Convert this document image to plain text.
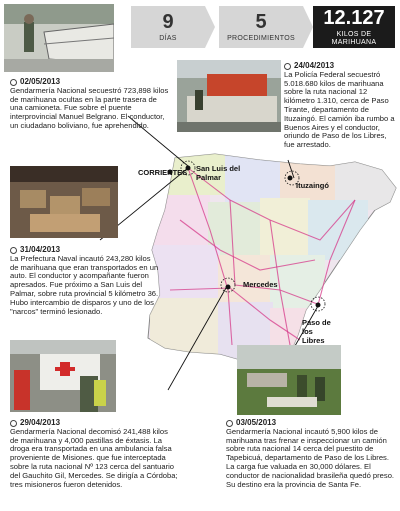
9
DÍAS
5
PROCEDIMIENTOS
12.127
KILOS DE MARIHUANA
CORRIENTES San Luis del Palmar
Ituzaingó
Mercedes
Paso de los Libres
02/05/2013
Gendarmería Nacional secuestró 723,898 kilos de marihuana ocultas en la parte trasera de una camioneta. Fue sobre el puente interprovincial Manuel Belgrano. El conductor, un ciudadano boliviano, fue aprehendido.
24/04/2013
La Policía Federal secuestró 5.018.680 kilos de marihuana sobre la ruta nacional 12 kilómetro 1.310, cerca de Paso Tirante, departamento de Ituzaingó. El camión iba rumbo a Buenos Aires y el conductor, oriundo de Paso de los Libres, fue arrestado.
31/04/2013
La Prefectura Naval incautó 243,280 kilos de marihuana que eran transportados en un auto. El conductor y acompañante fueron apresados. Fue próximo a San Luis del Palmar, sobre ruta provincial 5 kilómetro 36. Hubo intercambio de disparos y uno de los "narcos" terminó lesionado.
29/04/2013
Gendarmería Nacional decomisó 241,488 kilos de marihuana y 4,000 pastillas de éxtasis. La droga era transportada en una ambulancia falsa proveniente de Misiones. que fue interceptada sobre la ruta nacional Nº 123 cerca del santuario del Gauchito Gil, Mercedes. Se dirigía a Córdoba; tres misioneros fueron detenidos.
03/05/2013
Gendarmería Nacional incautó 5,900 kilos de marihuana tras frenar e inspeccionar un camión sobre ruta nacional 14 cerca del puestito de Tapebicuá, departamento de Paso de los Libres. La carga fue valuada en 30,000 dólares. El conductor de nacionalidad brasileña quedó preso. Su destino era la provincia de Santa Fe.
